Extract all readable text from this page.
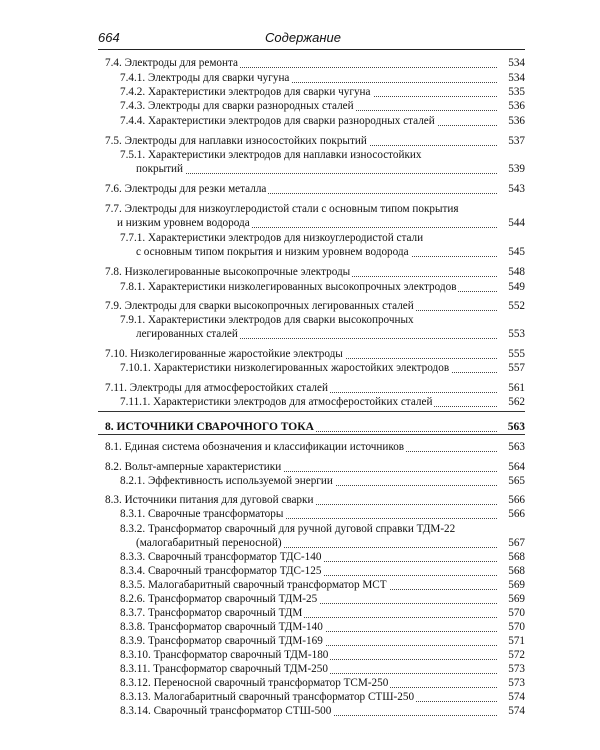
664	Содержание
7.4. Электроды для ремонта	534
7.4.1. Электроды для сварки чугуна	534
7.4.2. Характеристики электродов для сварки чугуна	535
7.4.3. Электроды для сварки разнородных сталей	536
7.4.4. Характеристики электродов для сварки разнородных сталей	536
7.5. Электроды для наплавки износостойких покрытий	537
7.5.1. Характеристики электродов для наплавки износостойких
покрытий	539
7.6. Электроды для резки металла	543
7.7. Электроды для низкоуглеродистой стали с основным типом покрытия
и низким уровнем водорода	544
7.7.1. Характеристики электродов для низкоуглеродистой стали
с основным типом покрытия и низким уровнем водорода	545
7.8. Низколегированные высокопрочные электроды	548
7.8.1. Характеристики низколегированных высокопрочных электродов	549
7.9. Электроды для сварки высокопрочных легированных сталей	552
7.9.1. Характеристики электродов для сварки высокопрочных
легированных сталей	553
7.10. Низколегированные жаростойкие электроды	555
7.10.1. Характеристики низколегированных жаростойких электродов	557
7.11. Электроды для атмосферостойких сталей	561
7.11.1. Характеристики электродов для атмосферостойких сталей	562
8. ИСТОЧНИКИ СВАРОЧНОГО ТОКА	563
8.1. Единая система обозначения и классификации источников	563
8.2. Вольт-амперные характеристики	564
8.2.1. Эффективность используемой энергии	565
8.3. Источники питания для дуговой сварки	566
8.3.1. Сварочные трансформаторы	566
8.3.2. Трансформатор сварочный для ручной дуговой справки ТДМ-22
(малогабаритный переносной)	567
8.3.3. Сварочный трансформатор ТДС-140	568
8.3.4. Сварочный трансформатор ТДС-125	568
8.3.5. Малогабаритный сварочный трансформатор МСТ	569
8.2.6. Трансформатор сварочный ТДМ-25	569
8.3.7. Трансформатор сварочный ТДМ	570
8.3.8. Трансформатор сварочный ТДМ-140	570
8.3.9. Трансформатор сварочный ТДМ-169	571
8.3.10. Трансформатор сварочный ТДМ-180	572
8.3.11. Трансформатор сварочный ТДМ-250	573
8.3.12. Переносной сварочный трансформатор ТСМ-250	573
8.3.13. Малогабаритный сварочный трансформатор СТШ-250	574
8.3.14. Сварочный трансформатор СТШ-500	574
